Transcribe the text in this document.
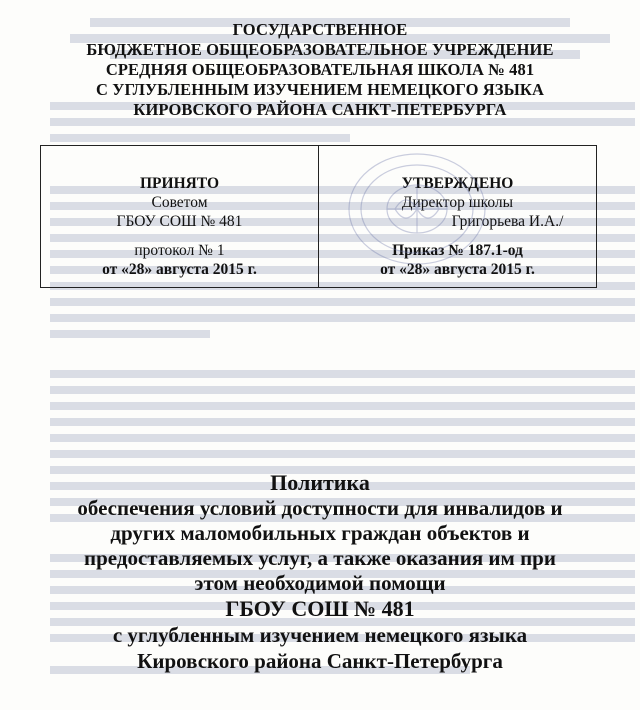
ГОСУДАРСТВЕННОЕ
БЮДЖЕТНОЕ ОБЩЕОБРАЗОВАТЕЛЬНОЕ УЧРЕЖДЕНИЕ
СРЕДНЯЯ ОБЩЕОБРАЗОВАТЕЛЬНАЯ ШКОЛА № 481
С УГЛУБЛЕННЫМ ИЗУЧЕНИЕМ НЕМЕЦКОГО ЯЗЫКА
КИРОВСКОГО РАЙОНА САНКТ-ПЕТЕРБУРГА
ПРИНЯТО
Советом
ГБОУ СОШ № 481
протокол № 1
от «28» августа 2015 г.
УТВЕРЖДЕНО
Директор школы
Григорьева И.А./
Приказ № 187.1-од
от «28» августа 2015 г.
Политика
обеспечения условий доступности для инвалидов и
других маломобильных граждан объектов и
предоставляемых услуг, а также оказания им при
этом необходимой помощи
ГБОУ СОШ № 481
с углубленным изучением немецкого языка
Кировского района Санкт-Петербурга
